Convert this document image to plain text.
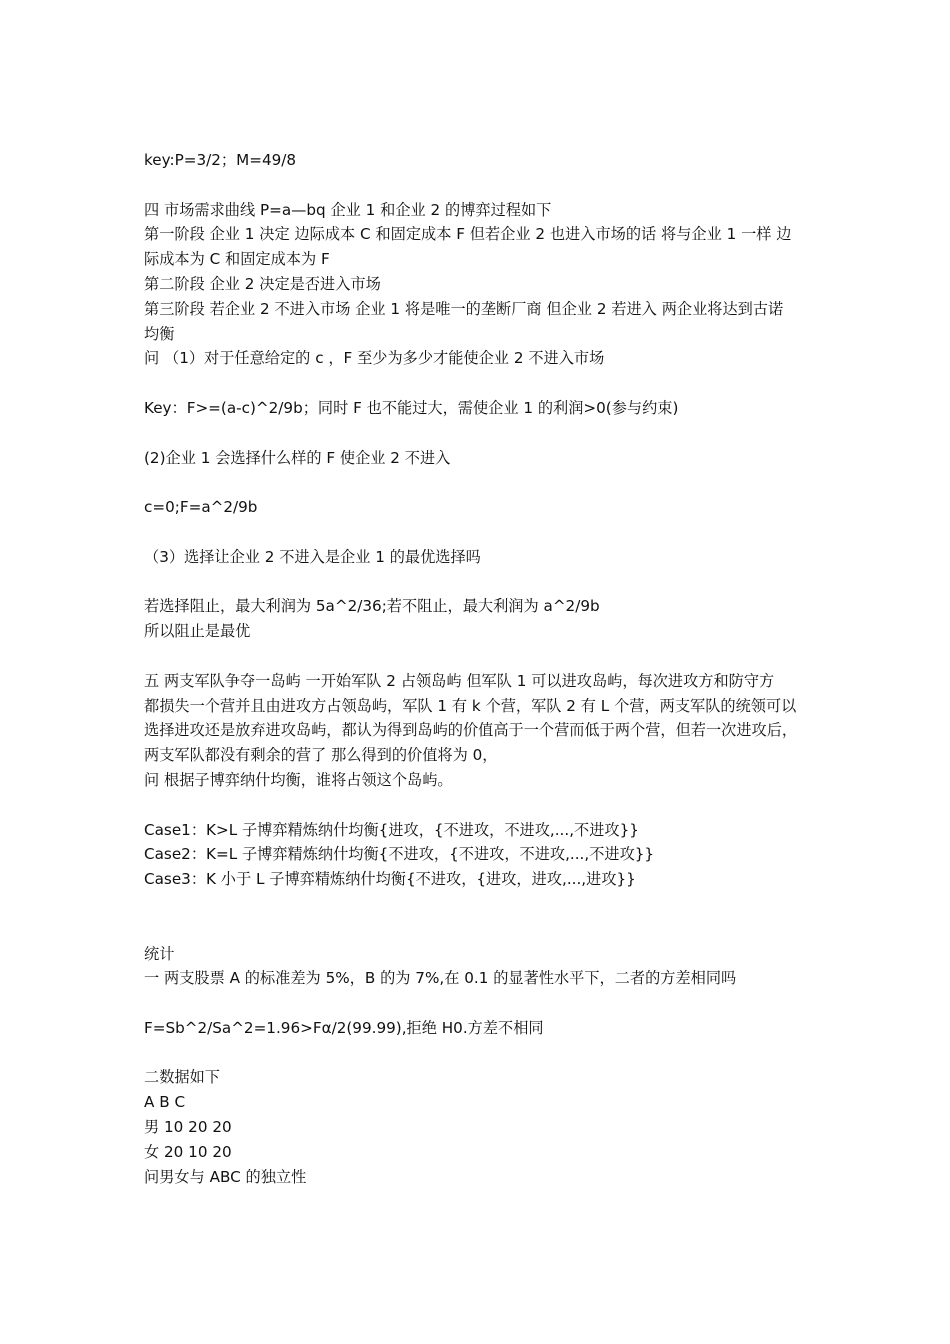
key:P=3/2；M=49/8
四 市场需求曲线 P=a—bq 企业 1 和企业 2 的博弈过程如下
第一阶段 企业 1 决定 边际成本 C 和固定成本 F 但若企业 2 也进入市场的话 将与企业 1 一样 边
际成本为 C 和固定成本为 F
第二阶段 企业 2 决定是否进入市场
第三阶段 若企业 2 不进入市场 企业 1 将是唯一的垄断厂商 但企业 2 若进入 两企业将达到古诺
均衡
问 （1）对于任意给定的 c ，F 至少为多少才能使企业 2 不进入市场
Key：F>=(a-c)^2/9b；同时 F 也不能过大，需使企业 1 的利润>0(参与约束)
(2)企业 1 会选择什么样的 F 使企业 2 不进入
c=0;F=a^2/9b
（3）选择让企业 2 不进入是企业 1 的最优选择吗
若选择阻止，最大利润为 5a^2/36;若不阻止，最大利润为 a^2/9b
所以阻止是最优
五 两支军队争夺一岛屿 一开始军队 2 占领岛屿 但军队 1 可以进攻岛屿，每次进攻方和防守方
都损失一个营并且由进攻方占领岛屿，军队 1 有 k 个营，军队 2 有 L 个营，两支军队的统领可以
选择进攻还是放弃进攻岛屿，都认为得到岛屿的价值高于一个营而低于两个营，但若一次进攻后，
两支军队都没有剩余的营了 那么得到的价值将为 0，
问 根据子博弈纳什均衡，谁将占领这个岛屿。
Case1：K>L 子博弈精炼纳什均衡{进攻，{不进攻，不进攻,...,不进攻}}
Case2：K=L 子博弈精炼纳什均衡{不进攻，{不进攻，不进攻,...,不进攻}}
Case3：K 小于 L 子博弈精炼纳什均衡{不进攻，{进攻，进攻,...,进攻}}
统计
一 两支股票 A 的标准差为 5%，B 的为 7%,在 0.1 的显著性水平下，二者的方差相同吗
F=Sb^2/Sa^2=1.96>Fα/2(99.99),拒绝 H0.方差不相同
二数据如下
A B C
男 10 20 20
女 20 10 20
问男女与 ABC 的独立性
